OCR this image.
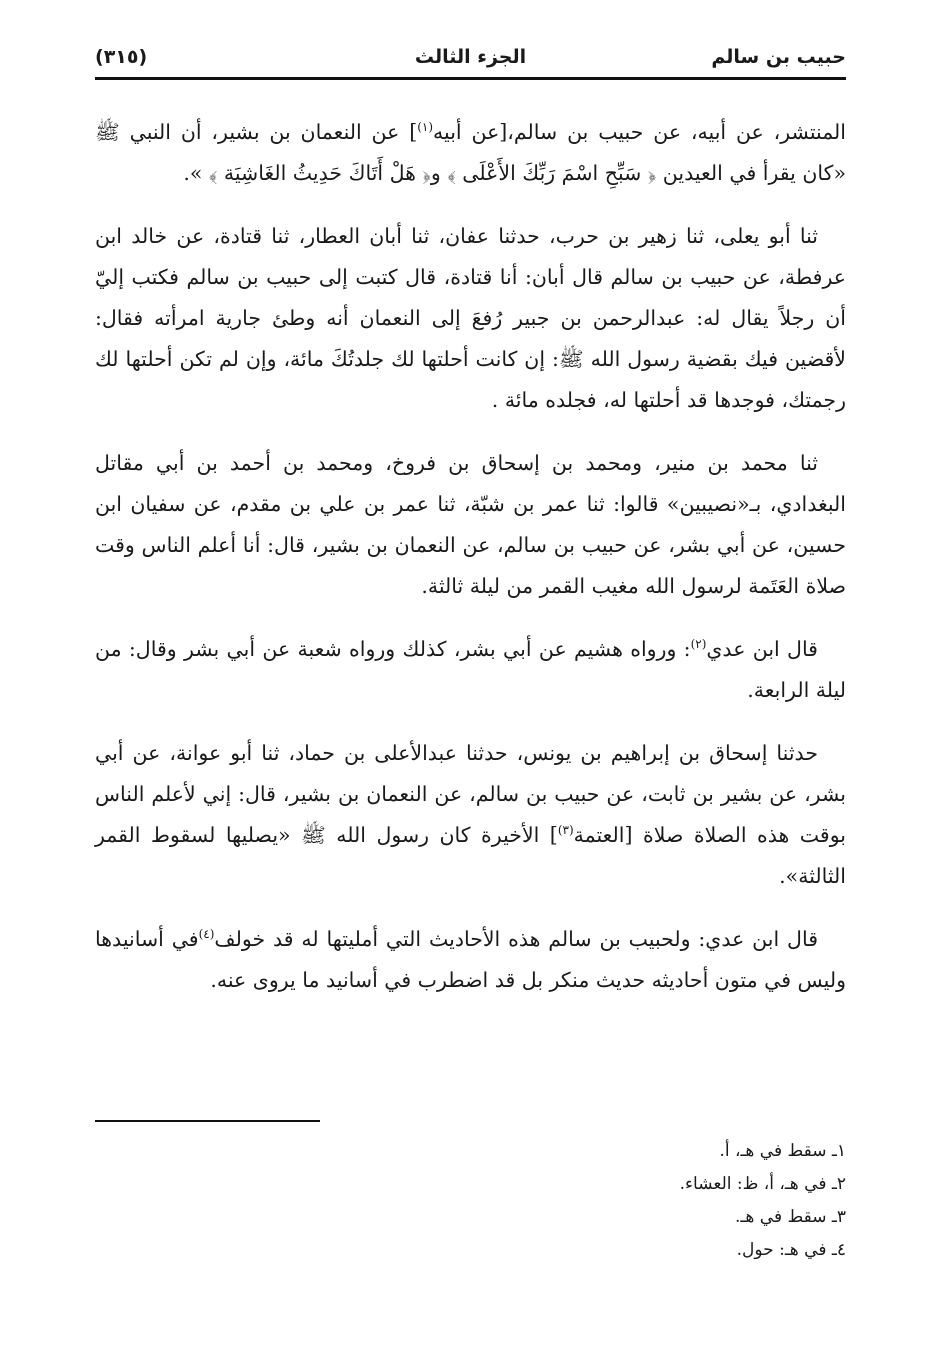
حبيب بن سالم
الجزء الثالث
(٣١٥)

المنتشر، عن أبيه، عن حبيب بن سالم،[عن أبيه$^{(١)}$] عن النعمان بن بشير، أن النبي ﷺ «كان يقرأ في العيدين ﴿ سَبِّحِ اسْمَ رَبِّكَ الأَعْلَى ﴾ و﴿ هَلْ أَتَاكَ حَدِيثُ الغَاشِيَة ﴾ ».

ثنا أبو يعلى، ثنا زهير بن حرب، حدثنا عفان، ثنا أبان العطار، ثنا قتادة، عن خالد ابن عرفطة، عن حبيب بن سالم قال أبان: أنا قتادة، قال كتبت إلى حبيب بن سالم فكتب إليّ أن رجلاً يقال له: عبدالرحمن بن جبير رُفعَ إلى النعمان أنه وطئ جارية امرأته فقال: لأقضين فيك بقضية رسول الله ﷺ: إن كانت أحلتها لك جلدتُكَ مائة، وإن لم تكن أحلتها لك رجمتك، فوجدها قد أحلتها له، فجلده مائة .

ثنا محمد بن منير، ومحمد بن إسحاق بن فروخ، ومحمد بن أحمد بن أبي مقاتل البغدادي، بـ«نصيبين» قالوا: ثنا عمر بن شبّة، ثنا عمر بن علي بن مقدم، عن سفيان ابن حسين، عن أبي بشر، عن حبيب بن سالم، عن النعمان بن بشير، قال: أنا أعلم الناس وقت صلاة العَتَمة لرسول الله مغيب القمر من ليلة ثالثة.

قال ابن عدي$^{(٢)}$: ورواه هشيم عن أبي بشر، كذلك ورواه شعبة عن أبي بشر وقال: من ليلة الرابعة.

حدثنا إسحاق بن إبراهيم بن يونس، حدثنا عبدالأعلى بن حماد، ثنا أبو عوانة، عن أبي بشر، عن بشير بن ثابت، عن حبيب بن سالم، عن النعمان بن بشير، قال: إني لأعلم الناس بوقت هذه الصلاة صلاة [العتمة$^{(٣)}$] الأخيرة كان رسول الله ﷺ «يصليها لسقوط القمر الثالثة».

قال ابن عدي: ولحبيب بن سالم هذه الأحاديث التي أمليتها له قد خولف$^{(٤)}$في أسانيدها وليس في متون أحاديثه حديث منكر بل قد اضطرب في أسانيد ما يروى عنه.

١ـ سقط في هـ، أ.

٢ـ في هـ، أ، ظ: العشاء.

٣ـ سقط في هـ.

٤ـ في هـ: حول.
